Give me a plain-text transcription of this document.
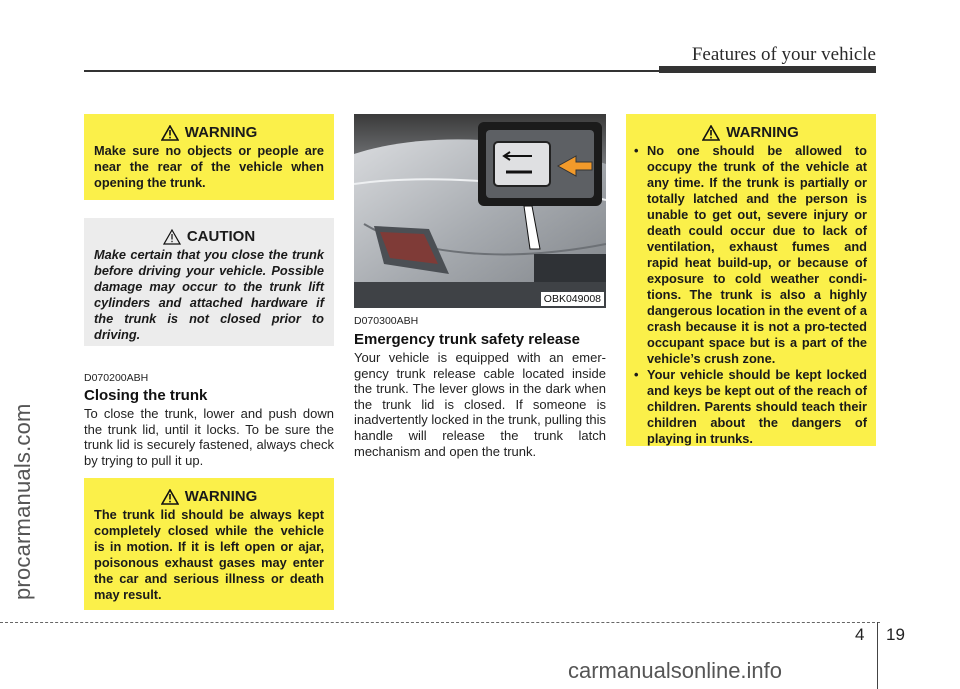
Features of your vehicle
procarmanuals.com
carmanualsonline.info
WARNING
Make sure no objects or people are near the rear of the vehicle when opening the trunk.
CAUTION
Make certain that you close the trunk before driving your vehicle. Possible damage may occur to the trunk lift cylinders and attached hardware if the trunk is not closed prior to driving.
D070200ABH
Closing the trunk
To close the trunk, lower and push down the trunk lid, until it locks. To be sure the trunk lid is securely fastened, always check by trying to pull it up.
WARNING
The trunk lid should be always kept completely closed while the vehicle is in motion. If it is left open or ajar, poisonous exhaust gases may enter the car and serious illness or death may result.
OBK049008
D070300ABH
Emergency trunk safety release
Your vehicle is equipped with an emer-gency trunk release cable located inside the trunk. The lever glows in the dark when the trunk lid is closed. If someone is inadvertently locked in the trunk, pulling this handle will release the trunk latch mechanism and open the trunk.
WARNING
• No one should be allowed to occupy the trunk of the vehicle at any time. If the trunk is partially or totally latched and the person is unable to get out, severe injury or death could occur due to lack of ventilation, exhaust fumes and rapid heat build-up, or because of exposure to cold weather condi-tions. The trunk is also a highly dangerous location in the event of a crash because it is not a pro-tected occupant space but is a part of the vehicle’s crush zone.
• Your vehicle should be kept locked and keys be kept out of the reach of children. Parents should teach their children about the dangers of playing in trunks.
4 19
